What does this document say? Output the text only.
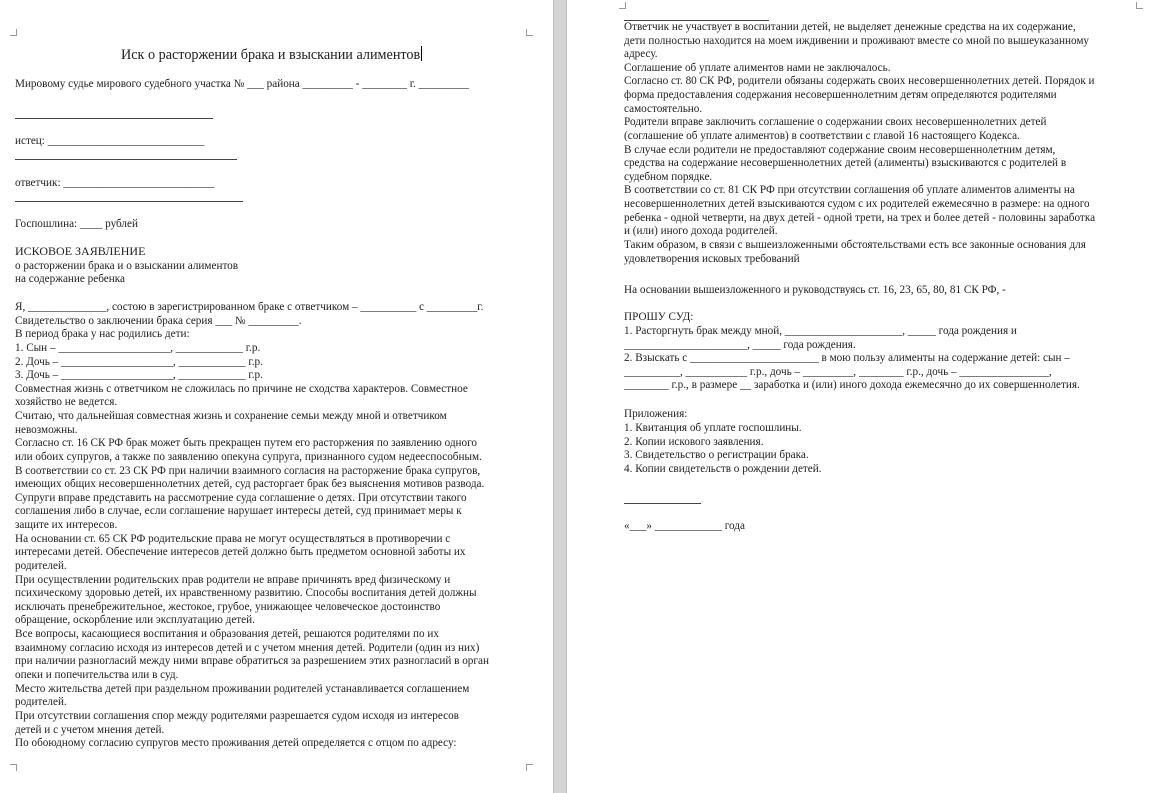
Иск о расторжении брака и взыскании алиментов
Мировому судье мирового судебного участка № ___ района _________ - ________ г. _________
истец: ____________________________
ответчик: ___________________________
Госпошлина: ____ рублей
ИСКОВОЕ ЗАЯВЛЕНИЕ
о расторжении брака и о взыскании алиментов
на содержание ребенка
Я, ______________, состою в зарегистрированном браке с ответчиком – __________ с _________г.
Свидетельство о заключении брака серия ___ № _________.
В период брака у нас родились дети:
1. Сын – ____________________, ____________ г.р.
2. Дочь – ____________________, ____________ г.р.
3. Дочь – ____________________, ____________ г.р.
Совместная жизнь с ответчиком не сложилась по причине не сходства характеров. Совместное
хозяйство не ведется.
Считаю, что дальнейшая совместная жизнь и сохранение семьи между мной и ответчиком
невозможны.
Согласно ст. 16 СК РФ брак может быть прекращен путем его расторжения по заявлению одного
или обоих супругов, а также по заявлению опекуна супруга, признанного судом недееспособным.
В соответствии со ст. 23 СК РФ при наличии взаимного согласия на расторжение брака супругов,
имеющих общих несовершеннолетних детей, суд расторгает брак без выяснения мотивов развода.
Супруги вправе представить на рассмотрение суда соглашение о детях. При отсутствии такого
соглашения либо в случае, если соглашение нарушает интересы детей, суд принимает меры к
защите их интересов.
На основании ст. 65 СК РФ родительские права не могут осуществляться в противоречии с
интересами детей. Обеспечение интересов детей должно быть предметом основной заботы их
родителей.
При осуществлении родительских прав родители не вправе причинять вред физическому и
психическому здоровью детей, их нравственному развитию. Способы воспитания детей должны
исключать пренебрежительное, жестокое, грубое, унижающее человеческое достоинство
обращение, оскорбление или эксплуатацию детей.
Все вопросы, касающиеся воспитания и образования детей, решаются родителями по их
взаимному согласию исходя из интересов детей и с учетом мнения детей. Родители (один из них)
при наличии разногласий между ними вправе обратиться за разрешением этих разногласий в орган
опеки и попечительства или в суд.
Место жительства детей при раздельном проживании родителей устанавливается соглашением
родителей.
При отсутствии соглашения спор между родителями разрешается судом исходя из интересов
детей и с учетом мнения детей.
По обоюдному согласию супругов место проживания детей определяется с отцом по адресу:
Ответчик не участвует в воспитании детей, не выделяет денежные средства на их содержание,
дети полностью находится на моем иждивении и проживают вместе со мной по вышеуказанному
адресу.
Соглашение об уплате алиментов нами не заключалось.
Согласно ст. 80 СК РФ, родители обязаны содержать своих несовершеннолетних детей. Порядок и
форма предоставления содержания несовершеннолетним детям определяются родителями
самостоятельно.
Родители вправе заключить соглашение о содержании своих несовершеннолетних детей
(соглашение об уплате алиментов) в соответствии с главой 16 настоящего Кодекса.
В случае если родители не предоставляют содержание своим несовершеннолетним детям,
средства на содержание несовершеннолетних детей (алименты) взыскиваются с родителей в
судебном порядке.
В соответствии со ст. 81 СК РФ при отсутствии соглашения об уплате алиментов алименты на
несовершеннолетних детей взыскиваются судом с их родителей ежемесячно в размере: на одного
ребенка - одной четверти, на двух детей - одной трети, на трех и более детей - половины заработка
и (или) иного дохода родителей.
Таким образом, в связи с вышеизложенными обстоятельствами есть все законные основания для
удовлетворения исковых требований
На основании вышеизложенного и руководствуясь ст. 16, 23, 65, 80, 81 СК РФ, -
ПРОШУ СУД:
1. Расторгнуть брак между мной, _____________________, _____ года рождения и
______________________, _____ года рождения.
2. Взыскать с _______________________ в мою пользу алименты на содержание детей: сын –
__________, ___________ г.р., дочь – _________, ________ г.р., дочь – ________________,
________ г.р., в размере __ заработка и (или) иного дохода ежемесячно до их совершеннолетия.
Приложения:
1. Квитанция об уплате госпошлины.
2. Копии искового заявления.
3. Свидетельство о регистрации брака.
4. Копии свидетельств о рождении детей.
«___» ____________ года
